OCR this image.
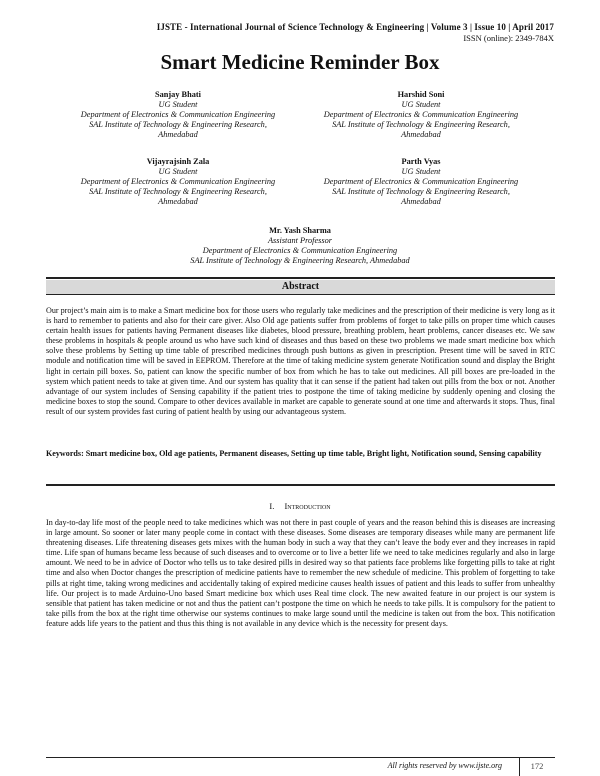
IJSTE - International Journal of Science Technology & Engineering | Volume 3 | Issue 10 | April 2017
ISSN (online): 2349-784X
Smart Medicine Reminder Box
Sanjay Bhati
UG Student
Department of Electronics & Communication Engineering
SAL Institute of Technology & Engineering Research,
Ahmedabad
Harshid Soni
UG Student
Department of Electronics & Communication Engineering
SAL Institute of Technology & Engineering Research,
Ahmedabad
Vijayrajsinh Zala
UG Student
Department of Electronics & Communication Engineering
SAL Institute of Technology & Engineering Research,
Ahmedabad
Parth Vyas
UG Student
Department of Electronics & Communication Engineering
SAL Institute of Technology & Engineering Research,
Ahmedabad
Mr. Yash Sharma
Assistant Professor
Department of Electronics & Communication Engineering
SAL Institute of Technology & Engineering Research, Ahmedabad
Abstract
Our project’s main aim is to make a Smart medicine box for those users who regularly take medicines and the prescription of their medicine is very long as it is hard to remember to patients and also for their care giver. Also Old age patients suffer from problems of forget to take pills on proper time which causes certain health issues for patients having Permanent diseases like diabetes, blood pressure, breathing problem, heart problems, cancer diseases etc. We saw these problems in hospitals & people around us who have such kind of diseases and thus based on these two problems we made smart medicine box which solve these problems by Setting up time table of prescribed medicines through push buttons as given in prescription. Present time will be saved in RTC module and notification time will be saved in EEPROM. Therefore at the time of taking medicine system generate Notification sound and display the Bright light in certain pill boxes. So, patient can know the specific number of box from which he has to take out medicines. All pill boxes are pre-loaded in the system which patient needs to take at given time. And our system has quality that it can sense if the patient had taken out pills from the box or not. Another advantage of our system includes of Sensing capability if the patient tries to postpone the time of taking medicine by suddenly opening and closing the medicine boxes to stop the sound. Compare to other devices available in market are capable to generate sound at one time and afterwards it stops. Thus, final result of our system provides fast curing of patient health by using our advantageous system.
Keywords: Smart medicine box, Old age patients, Permanent diseases, Setting up time table, Bright light, Notification sound, Sensing capability
I. Introduction
In day-to-day life most of the people need to take medicines which was not there in past couple of years and the reason behind this is diseases are increasing in large amount. So sooner or later many people come in contact with these diseases. Some diseases are temporary diseases while many are permanent life threatening diseases. Life threatening diseases gets mixes with the human body in such a way that they can’t leave the body ever and they increases in rapid time. Life span of humans became less because of such diseases and to overcome or to live a better life we need to take medicines regularly and also in large amount. We need to be in advice of Doctor who tells us to take desired pills in desired way so that patients face problems like forgetting pills to take at right time and also when Doctor changes the prescription of medicine patients have to remember the new schedule of medicine. This problem of forgetting to take pills at right time, taking wrong medicines and accidentally taking of expired medicine causes health issues of patient and this leads to suffer from unhealthy life. Our project is to made Arduino-Uno based Smart medicine box which uses Real time clock. The new awaited feature in our project is our system is sensible that patient has taken medicine or not and thus the patient can’t postpone the time on which he needs to take pills. It is compulsory for the patient to take pills from the box at the right time otherwise our systems continues to make large sound until the medicine is taken out from the box. This notification feature adds life years to the patient and thus this thing is not available in any device which is the necessity for present days.
All rights reserved by www.ijste.org	172
